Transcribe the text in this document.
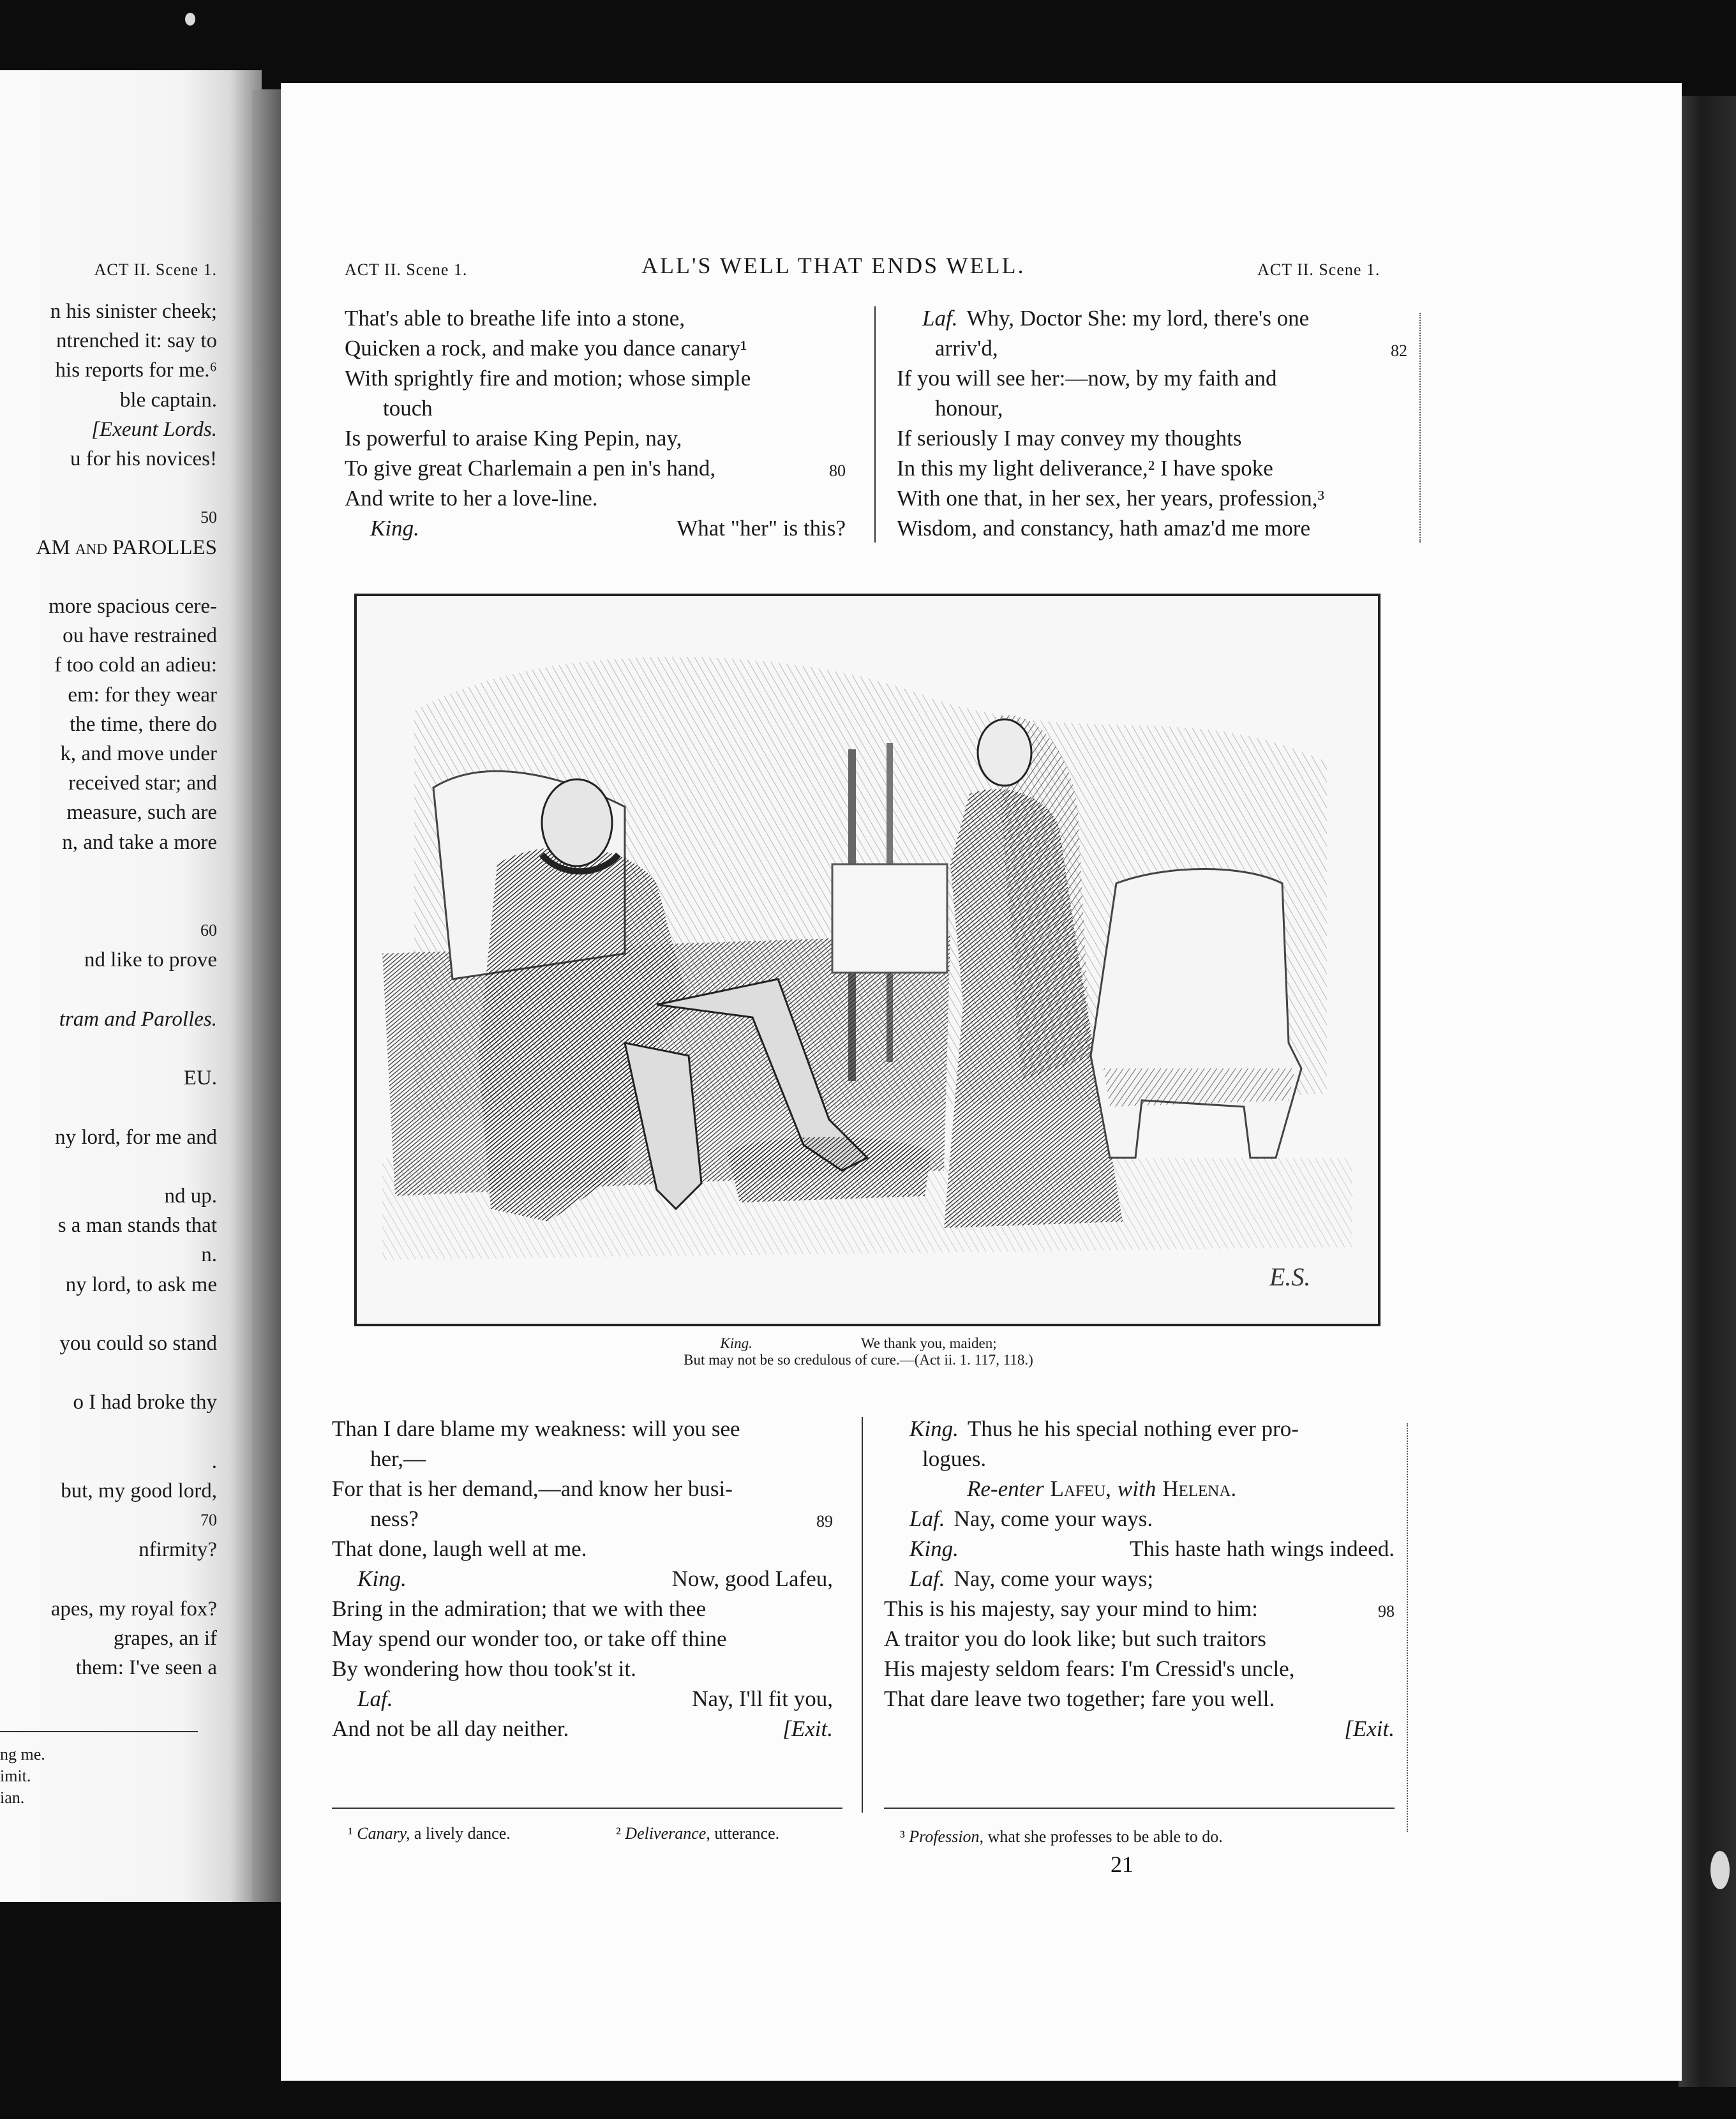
ACT II. Scene 1.
n his sinister cheek;
ntrenched it: say to
his reports for me.⁶
ble captain.
[Exeunt Lords.
u for his novices!
50
AM and PAROLLES
more spacious cere-
ou have restrained
f too cold an adieu:
em: for they wear
the time, there do
k, and move under
received star; and
measure, such are
n, and take a more
60
nd like to prove
tram and Parolles.
EU.
ny lord, for me and
nd up.
s a man stands that
n.
ny lord, to ask me
you could so stand
o I had broke thy
.
but, my good lord,
70
nfirmity?
apes, my royal fox?
grapes, an if
them: I've seen a
ng me.
imit.
ian.
ACT II. Scene 1.	ALL'S WELL THAT ENDS WELL.	ACT II. Scene 1.
That's able to breathe life into a stone,
Quicken a rock, and make you dance canary¹
With sprightly fire and motion; whose simple
touch
Is powerful to araise King Pepin, nay,
To give great Charlemain a pen in's hand,	80
And write to her a love-line.
King.	What "her" is this?
Laf. Why, Doctor She: my lord, there's one
arriv'd,	82
If you will see her:—now, by my faith and
honour,
If seriously I may convey my thoughts
In this my light deliverance,² I have spoke
With one that, in her sex, her years, profession,³
Wisdom, and constancy, hath amaz'd me more
E.S.
King.	We thank you, maiden;
But may not be so credulous of cure.—(Act ii. 1. 117, 118.)
Than I dare blame my weakness: will you see
her,—
For that is her demand,—and know her busi-
ness?	89
That done, laugh well at me.
King.	Now, good Lafeu,
Bring in the admiration; that we with thee
May spend our wonder too, or take off thine
By wondering how thou took'st it.
Laf.	Nay, I'll fit you,
And not be all day neither.	[Exit.
King. Thus he his special nothing ever pro-
logues.
Re-enter Lafeu, with Helena.
Laf. Nay, come your ways.
King.	This haste hath wings indeed.
Laf. Nay, come your ways;
This is his majesty, say your mind to him:	98
A traitor you do look like; but such traitors
His majesty seldom fears: I'm Cressid's uncle,
That dare leave two together; fare you well.
[Exit.
¹ Canary, a lively dance.	² Deliverance, utterance.	³ Profession, what she professes to be able to do.
21
